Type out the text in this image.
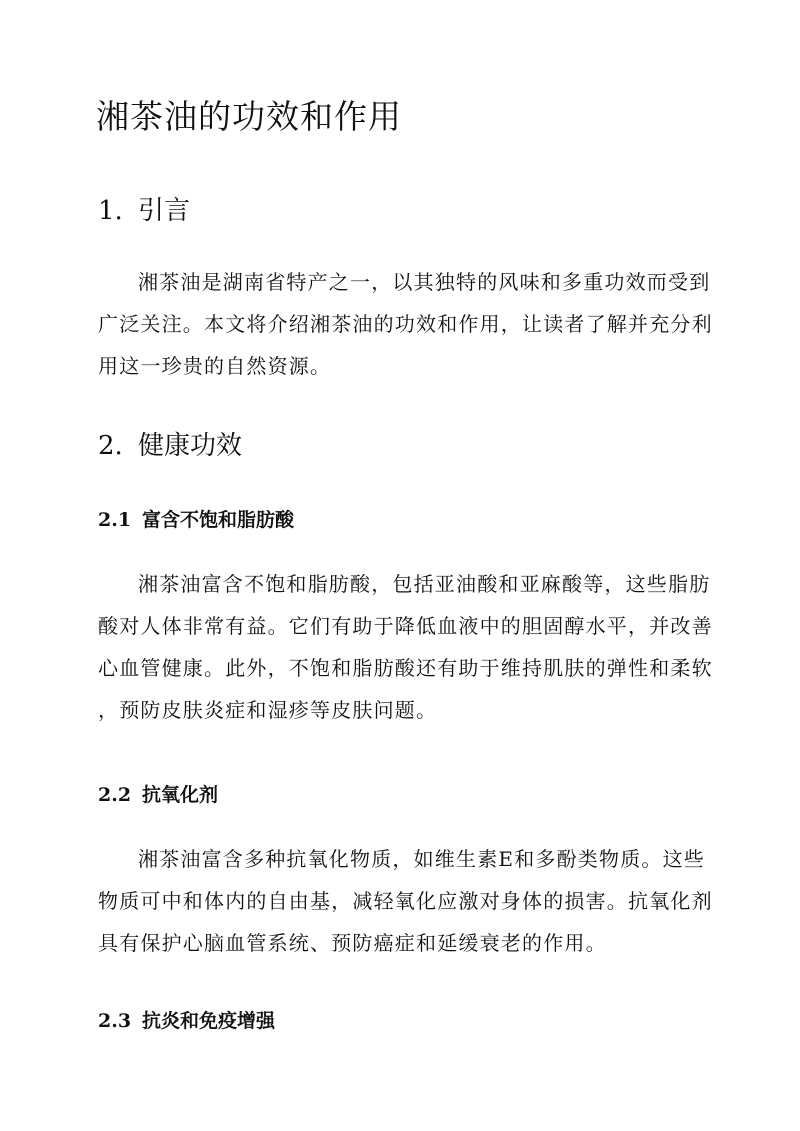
湘茶油的功效和作用
1. 引言
湘茶油是湖南省特产之一，以其独特的风味和多重功效而受到
广泛关注。本文将介绍湘茶油的功效和作用，让读者了解并充分利
用这一珍贵的自然资源。
2. 健康功效
2.1 富含不饱和脂肪酸
湘茶油富含不饱和脂肪酸，包括亚油酸和亚麻酸等，这些脂肪
酸对人体非常有益。它们有助于降低血液中的胆固醇水平，并改善
心血管健康。此外，不饱和脂肪酸还有助于维持肌肤的弹性和柔软
，预防皮肤炎症和湿疹等皮肤问题。
2.2 抗氧化剂
湘茶油富含多种抗氧化物质，如维生素E和多酚类物质。这些
物质可中和体内的自由基，减轻氧化应激对身体的损害。抗氧化剂
具有保护心脑血管系统、预防癌症和延缓衰老的作用。
2.3 抗炎和免疫增强
